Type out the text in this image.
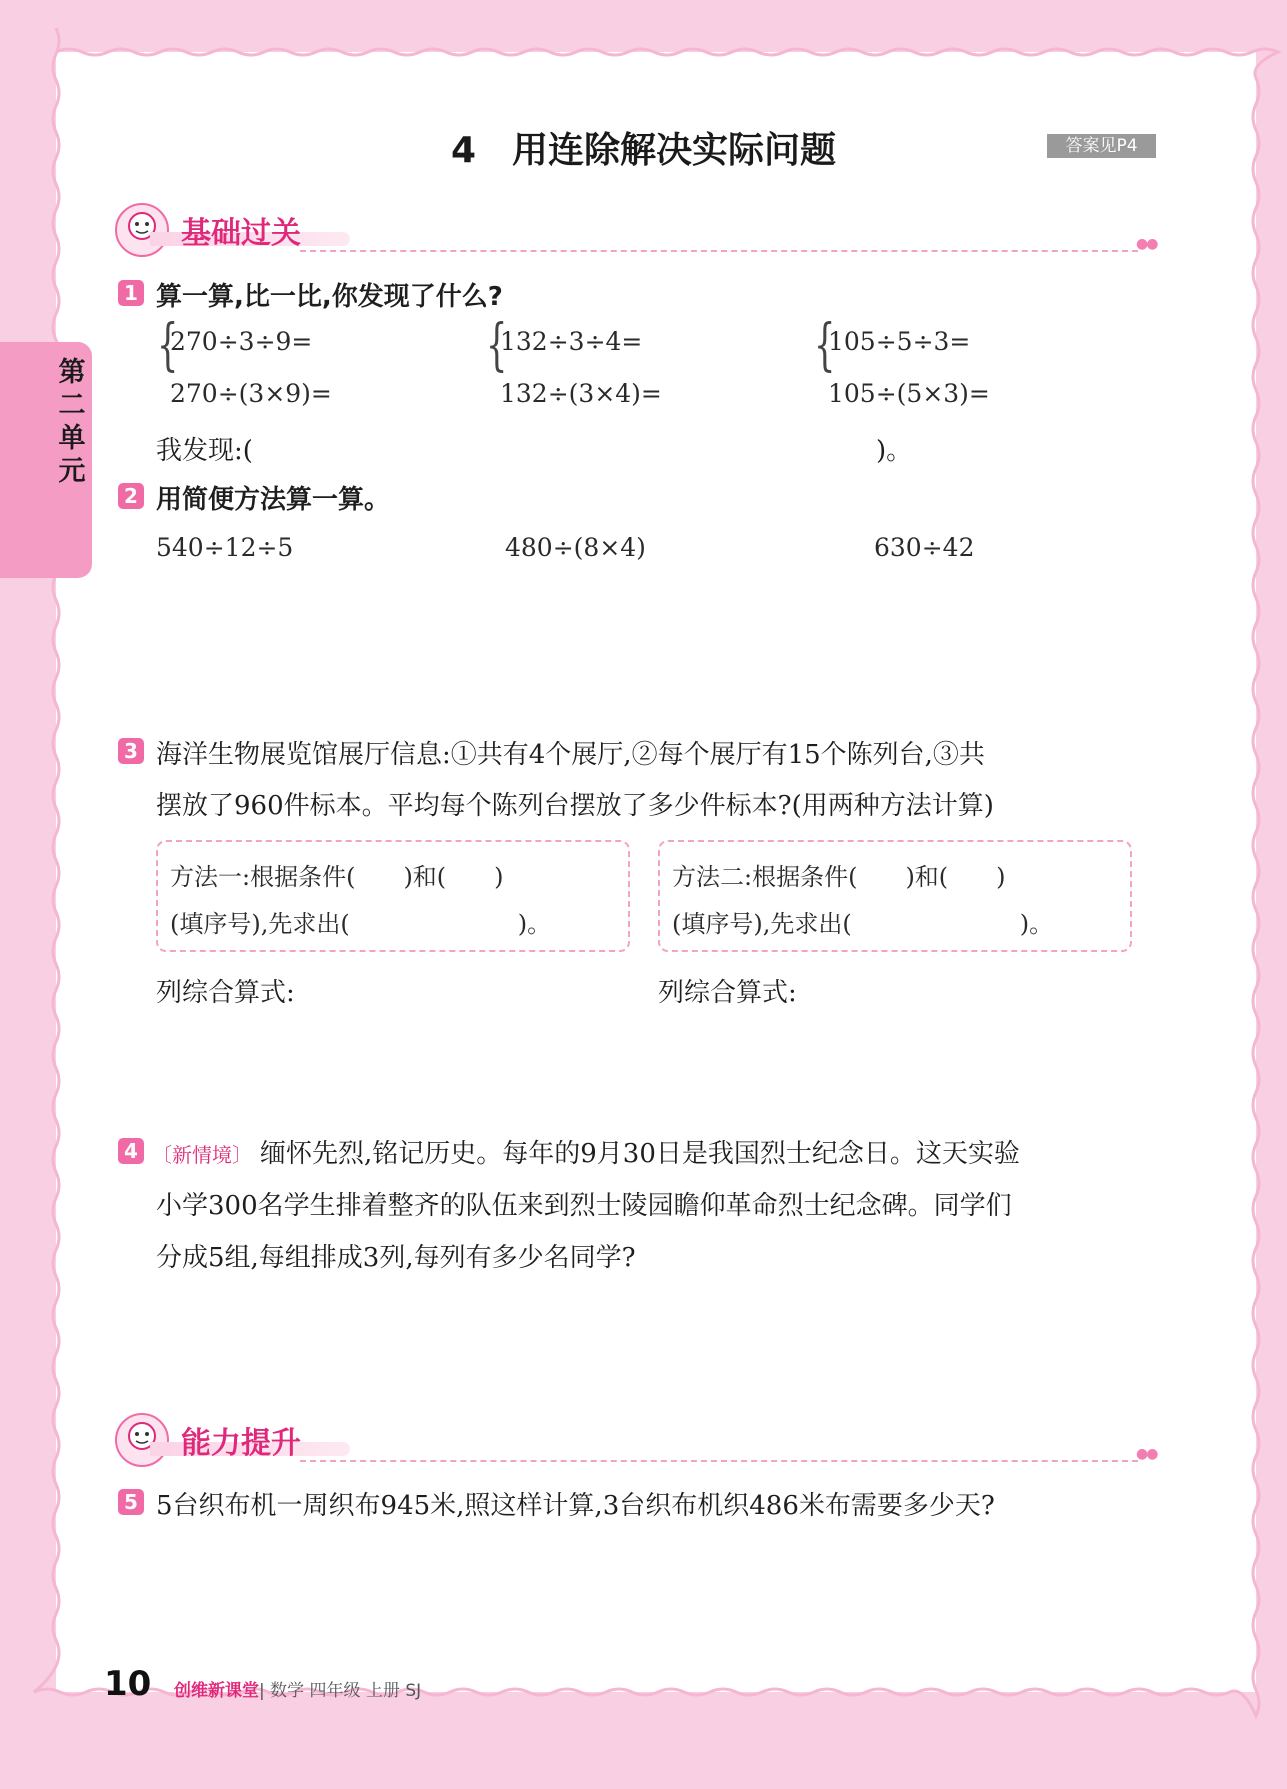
第
二
单
元
4　用连除解决实际问题	答案见P4
基础过关	●●
1 算一算,比一比,你发现了什么?
{
270÷3÷9=
270÷(3×9)=
{
132÷3÷4=
132÷(3×4)=
{
105÷5÷3=
105÷(5×3)=
我发现:(	)。
2 用简便方法算一算。
540÷12÷5	480÷(8×4)	630÷42
3 海洋生物展览馆展厅信息:①共有4个展厅,②每个展厅有15个陈列台,③共
摆放了960件标本。平均每个陈列台摆放了多少件标本?(用两种方法计算)
方法一:根据条件(　　)和(　　)
(填序号),先求出(　　　　　　　)。
方法二:根据条件(　　)和(　　)
(填序号),先求出(　　　　　　　)。
列综合算式:	列综合算式:
4 〔新情境〕 缅怀先烈,铭记历史。每年的9月30日是我国烈士纪念日。这天实验
小学300名学生排着整齐的队伍来到烈士陵园瞻仰革命烈士纪念碑。同学们
分成5组,每组排成3列,每列有多少名同学?
能力提升	●●
5 5台织布机一周织布945米,照这样计算,3台织布机织486米布需要多少天?
10 创维新课堂| 数学 四年级 上册 SJ
